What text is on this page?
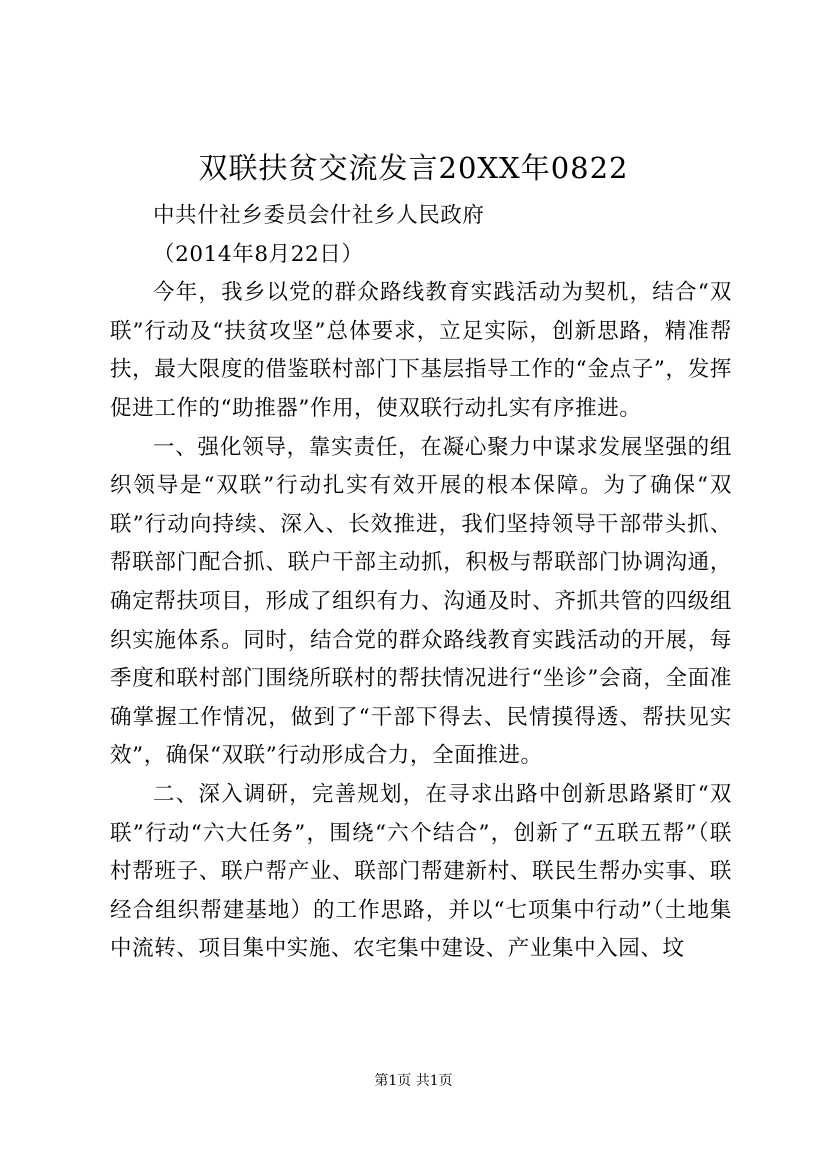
双联扶贫交流发言20XX年0822

中共什社乡委员会什社乡人民政府

（2014年8月22日）

今年，我乡以党的群众路线教育实践活动为契机，结合“双联”行动及“扶贫攻坚”总体要求，立足实际，创新思路，精准帮扶，最大限度的借鉴联村部门下基层指导工作的“金点子”，发挥促进工作的“助推器”作用，使双联行动扎实有序推进。

一、强化领导，靠实责任，在凝心聚力中谋求发展坚强的组织领导是“双联”行动扎实有效开展的根本保障。为了确保“双联”行动向持续、深入、长效推进，我们坚持领导干部带头抓、帮联部门配合抓、联户干部主动抓，积极与帮联部门协调沟通，确定帮扶项目，形成了组织有力、沟通及时、齐抓共管的四级组织实施体系。同时，结合党的群众路线教育实践活动的开展，每季度和联村部门围绕所联村的帮扶情况进行“坐诊”会商，全面准确掌握工作情况，做到了“干部下得去、民情摸得透、帮扶见实效”，确保“双联”行动形成合力，全面推进。

二、深入调研，完善规划，在寻求出路中创新思路紧盯“双联”行动“六大任务”，围绕“六个结合”，创新了“五联五帮”（联村帮班子、联户帮产业、联部门帮建新村、联民生帮办实事、联经合组织帮建基地）的工作思路，并以“七项集中行动”（土地集中流转、项目集中实施、农宅集中建设、产业集中入园、坟

第1页 共1页
